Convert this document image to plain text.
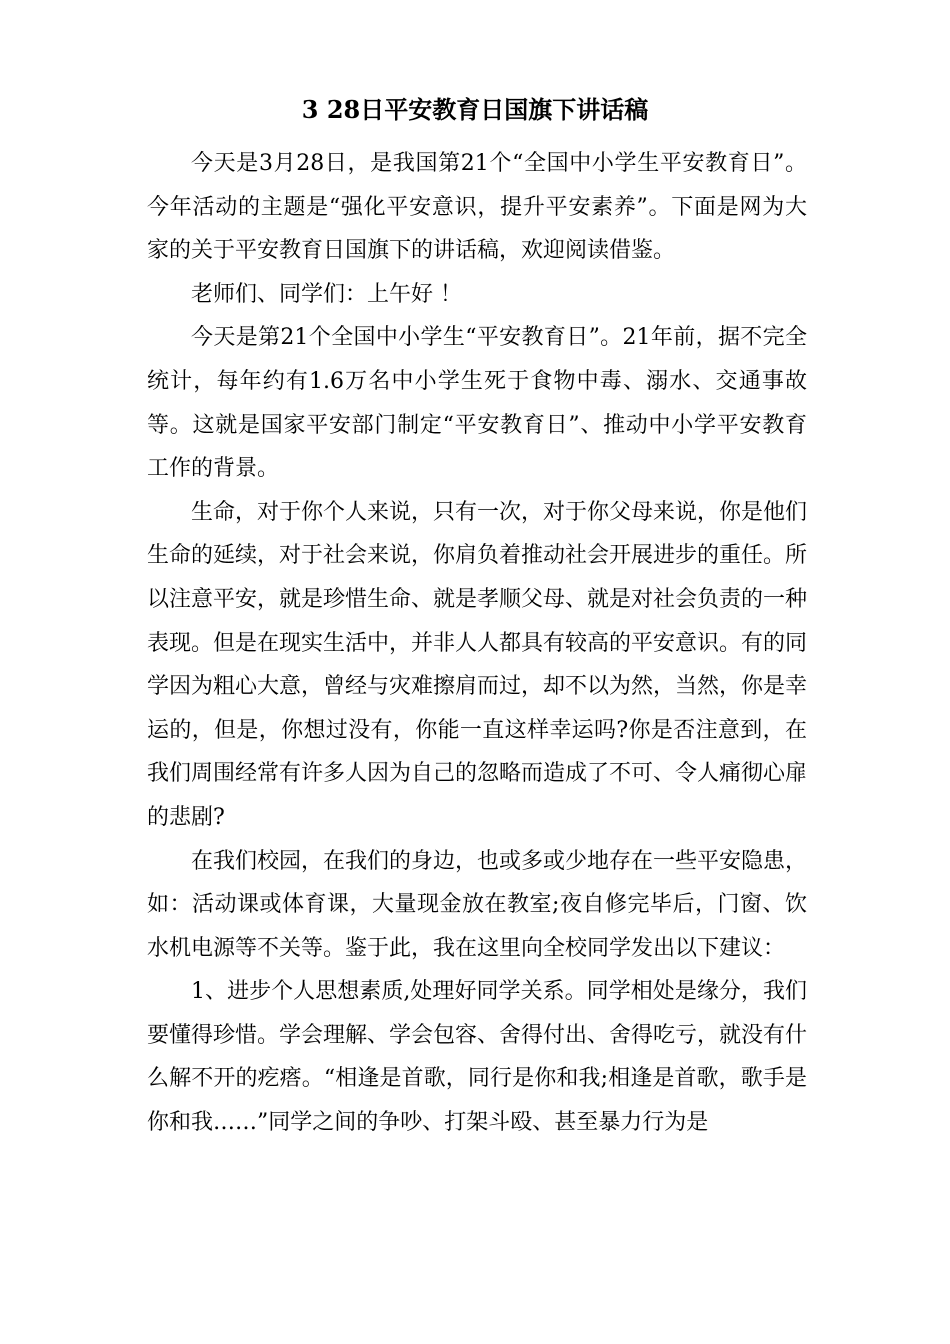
3 28日平安教育日国旗下讲话稿

今天是3月28日，是我国第21个“全国中小学生平安教育日”。今年活动的主题是“强化平安意识，提升平安素养”。下面是网为大家的关于平安教育日国旗下的讲话稿，欢迎阅读借鉴。

老师们、同学们：上午好 ！

今天是第21个全国中小学生“平安教育日”。21年前，据不完全统计，每年约有1.6万名中小学生死于食物中毒、溺水、交通事故等。这就是国家平安部门制定“平安教育日”、推动中小学平安教育工作的背景。

生命，对于你个人来说，只有一次，对于你父母来说，你是他们生命的延续，对于社会来说，你肩负着推动社会开展进步的重任。所以注意平安，就是珍惜生命、就是孝顺父母、就是对社会负责的一种表现。但是在现实生活中，并非人人都具有较高的平安意识。有的同学因为粗心大意，曾经与灾难擦肩而过，却不以为然，当然，你是幸运的，但是，你想过没有，你能一直这样幸运吗?你是否注意到，在我们周围经常有许多人因为自己的忽略而造成了不可、令人痛彻心扉的悲剧?

在我们校园，在我们的身边，也或多或少地存在一些平安隐患，如：活动课或体育课，大量现金放在教室;夜自修完毕后，门窗、饮水机电源等不关等。鉴于此，我在这里向全校同学发出以下建议：

1、进步个人思想素质,处理好同学关系。同学相处是缘分，我们要懂得珍惜。学会理解、学会包容、舍得付出、舍得吃亏，就没有什么解不开的疙瘩。“相逢是首歌，同行是你和我;相逢是首歌，歌手是你和我……”同学之间的争吵、打架斗殴、甚至暴力行为是
